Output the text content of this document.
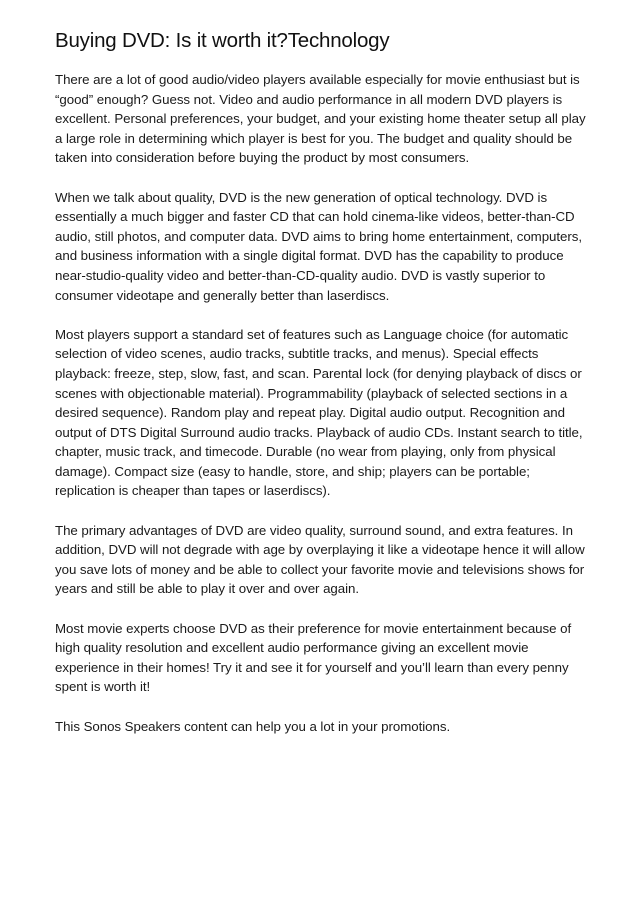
Buying DVD: Is it worth it?Technology

There are a lot of good audio/video players available especially for movie enthusiast but is “good” enough? Guess not. Video and audio performance in all modern DVD players is excellent. Personal preferences, your budget, and your existing home theater setup all play a large role in determining which player is best for you. The budget and quality should be taken into consideration before buying the product by most consumers.

When we talk about quality, DVD is the new generation of optical technology. DVD is essentially a much bigger and faster CD that can hold cinema-like videos, better-than-CD audio, still photos, and computer data. DVD aims to bring home entertainment, computers, and business information with a single digital format. DVD has the capability to produce near-studio-quality video and better-than-CD-quality audio. DVD is vastly superior to consumer videotape and generally better than laserdiscs.

Most players support a standard set of features such as Language choice (for automatic selection of video scenes, audio tracks, subtitle tracks, and menus). Special effects playback: freeze, step, slow, fast, and scan. Parental lock (for denying playback of discs or scenes with objectionable material). Programmability (playback of selected sections in a desired sequence). Random play and repeat play. Digital audio output. Recognition and output of DTS Digital Surround audio tracks. Playback of audio CDs. Instant search to title, chapter, music track, and timecode. Durable (no wear from playing, only from physical damage). Compact size (easy to handle, store, and ship; players can be portable; replication is cheaper than tapes or laserdiscs).

The primary advantages of DVD are video quality, surround sound, and extra features. In addition, DVD will not degrade with age by overplaying it like a videotape hence it will allow you save lots of money and be able to collect your favorite movie and televisions shows for years and still be able to play it over and over again.

Most movie experts choose DVD as their preference for movie entertainment because of high quality resolution and excellent audio performance giving an excellent movie experience in their homes! Try it and see it for yourself and you’ll learn than every penny spent is worth it!

This Sonos Speakers content can help you a lot in your promotions.
